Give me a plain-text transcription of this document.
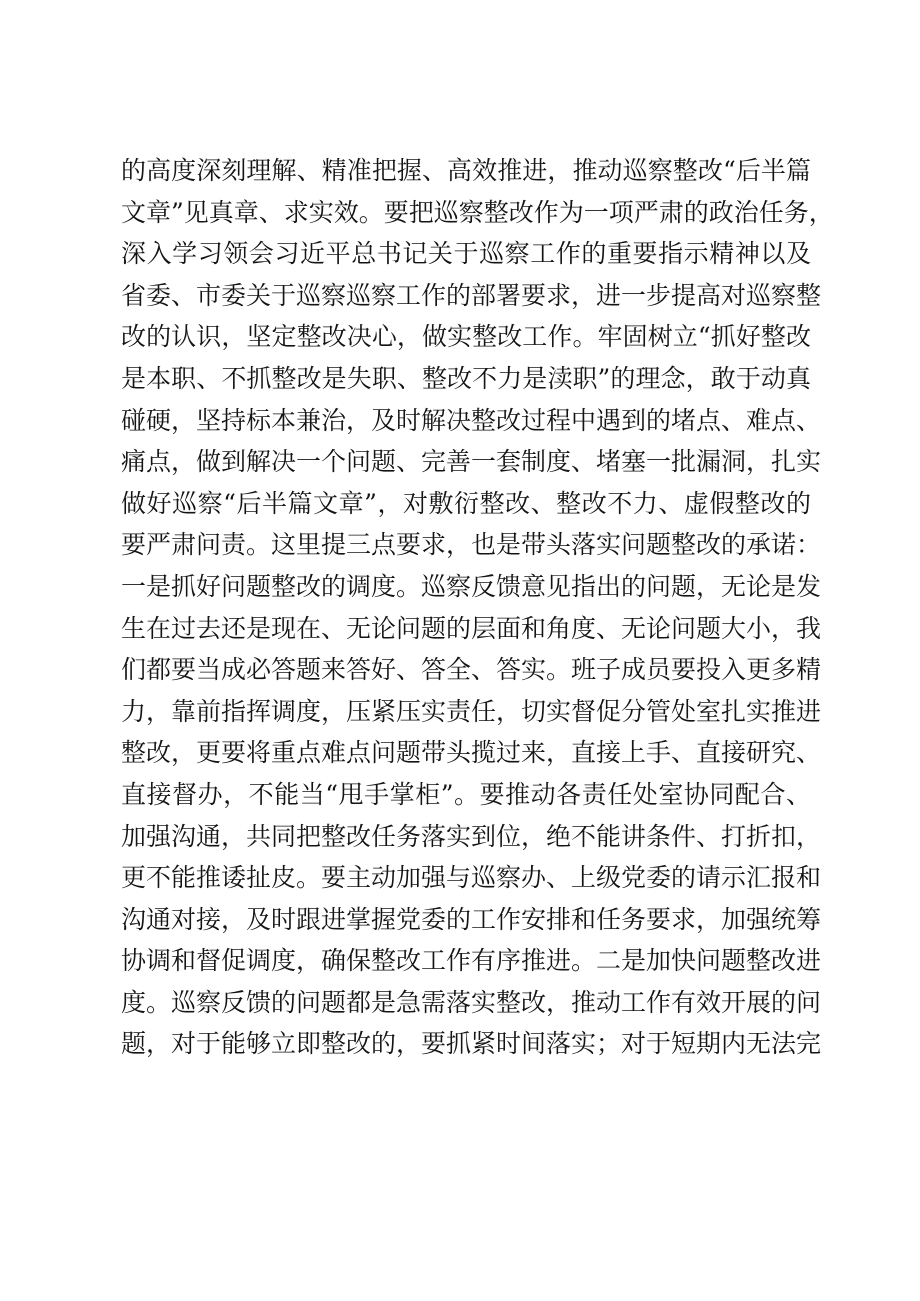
的高度深刻理解、精准把握、高效推进，推动巡察整改“后半篇
文章”见真章、求实效。要把巡察整改作为一项严肃的政治任务，
深入学习领会习近平总书记关于巡察工作的重要指示精神以及
省委、市委关于巡察巡察工作的部署要求，进一步提高对巡察整
改的认识，坚定整改决心，做实整改工作。牢固树立“抓好整改
是本职、不抓整改是失职、整改不力是渎职”的理念，敢于动真
碰硬，坚持标本兼治，及时解决整改过程中遇到的堵点、难点、
痛点，做到解决一个问题、完善一套制度、堵塞一批漏洞，扎实
做好巡察“后半篇文章”，对敷衍整改、整改不力、虚假整改的
要严肃问责。这里提三点要求，也是带头落实问题整改的承诺：
一是抓好问题整改的调度。巡察反馈意见指出的问题，无论是发
生在过去还是现在、无论问题的层面和角度、无论问题大小，我
们都要当成必答题来答好、答全、答实。班子成员要投入更多精
力，靠前指挥调度，压紧压实责任，切实督促分管处室扎实推进
整改，更要将重点难点问题带头揽过来，直接上手、直接研究、
直接督办，不能当“甩手掌柜”。要推动各责任处室协同配合、
加强沟通，共同把整改任务落实到位，绝不能讲条件、打折扣，
更不能推诿扯皮。要主动加强与巡察办、上级党委的请示汇报和
沟通对接，及时跟进掌握党委的工作安排和任务要求，加强统筹
协调和督促调度，确保整改工作有序推进。二是加快问题整改进
度。巡察反馈的问题都是急需落实整改，推动工作有效开展的问
题，对于能够立即整改的，要抓紧时间落实；对于短期内无法完
